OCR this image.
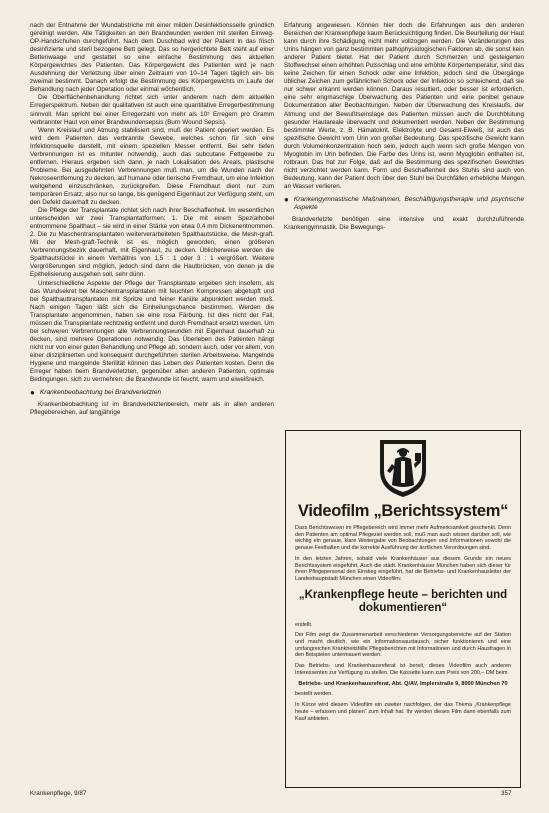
nach der Entnahme der Wundabstriche mit einer milden Desinfektionsseife gründlich gereinigt werden. Alle Tätigkeiten an den Brandwunden werden mit sterilen Einweg-OP-Handschuhen durchgeführt. Nach dem Duschbad wird der Patient in das frisch desinfizierte und steril bezogene Bett gelegt. Das so hergerichtete Bett steht auf einer Bettenwaage und gestattet so eine einfache Bestimmung des aktuellen Körpergewichtes des Patienten. Das Körpergewicht des Patienten wird je nach Ausdehnung der Verletzung über einen Zeitraum von 10–14 Tagen täglich ein- bis zweimal bestimmt. Danach erfolgt die Bestimmung des Körpergewichts im Laufe der Behandlung nach jeder Operation oder einmal wöchentlich.

Die Oberflächenbehandlung richtet sich unter anderem nach dem aktuellen Erregerspektrum. Neben der qualitativen ist auch eine quantitative Erregerbestimmung sinnvoll. Man spricht bei einer Erregerzahl von mehr als 10⁵ Erregern pro Gramm verbrannter Haut von einer Brandwundensepsis (Burn Wound Sepsis).

Wenn Kreislauf und Atmung stabilisiert sind, muß der Patient operiert werden. Es wird dem Patienten das verbrannte Gewebe, welches schon für sich eine Infektionsquelle darstellt, mit einem speziellen Messer entfernt. Bei sehr tiefen Verbrennungen ist es mitunter notwendig, auch das subcutane Fettgewebe zu entfernen. Hieraus ergeben sich dann, je nach Lokalisation des Areals, plastische Probleme. Bei ausgedehnten Verbrennungen muß man, um die Wunden nach der Nekroseentfernung zu decken, auf humane oder tierische Fremdhaut, um eine Infektion weitgehend einzuschränken, zurückgreifen. Diese Fremdhaut dient nur zum temporären Ersatz, also nur so lange, bis genügend Eigenhaut zur Verfügung steht, um den Defekt dauerhaft zu decken.

Die Pflege der Transplantate richtet sich nach ihrer Beschaffenheit. Im wesentlichen unterscheiden wir zwei Transplantatformen: 1. Die mit einem Spezialhobel entnommene Spalthaut – sie wird in einer Stärke von etwa 0,4 mm Dickenentnommen. 2. Die zu Maschentransplantaten weiterverarbeiteten Spalthautstücke, die Mesh-graft. Mit der Mesh-graft-Technik ist es möglich geworden, einen größeren Verbrennungsbezirk dauerhaft, mit Eigenhaut, zu decken. Üblicherweise werden die Spalthautstücke in einem Verhältnis von 1,5 : 1 oder 3 : 1 vergrößert. Weitere Vergrößerungen sind möglich, jedoch sind dann die Hautbrücken, von denen ja die Epithelisierung ausgehen soll, sehr dünn.

Unterschiedliche Aspekte der Pflege der Transplantate ergeben sich insofern, als das Wundsekret bei Maschentransplantaten mit feuchten Kompressen abgetupft und bei Spalthauttransplantaten mit Spritze und feiner Kanüle abpunktiert werden muß. Nach einigen Tagen läßt sich die Einheilungschance bestimmen. Werden die Transplantate angenommen, haben sie eine rosa Färbung. Ist dies nicht der Fall, müssen die Transplantate rechtzeitig entfernt und durch Fremdhaut ersetzt werden. Um bei schweren Verbrennungen alle Verbrennungswunden mit Eigenhaut dauerhaft zu decken, sind mehrere Operationen notwendig. Das Überleben des Patienten hängt nicht nur von einer guten Behandlung und Pflege ab, sondern auch, oder vor allem, von einer disziplinierten und konsequent durchgeführten sterilen Arbeitsweise. Mangelnde Hygiene und mangelnde Sterilität können das Leben des Patienten kosten. Denn die Erreger haben beim Brandverletzten, gegenüber allen anderen Patienten, optimale Bedingungen, sich zu vermehren: die Brandwunde ist feucht, warm und eiweißreich.

● Krankenbeobachtung bei Brandverletzten

Krankenbeobachtung ist im Brandverletztenbereich, mehr als in allen anderen Pflegebereichen, auf langjährige

Erfahrung angewiesen. Können hier doch die Erfahrungen aus den anderen Bereichen der Krankenpflege kaum Berücksichtigung finden. Die Beurteilung der Haut kann durch ihre Schädigung nicht mehr vollzogen werden. Die Veränderungen des Urins hängen von ganz bestimmten pathophysiologischen Faktoren ab, die sonst kein anderer Patient bietet. Hat der Patient durch Schmerzen und gesteigerten Stoffwechsel einen erhöhten Pulsschlag und eine erhöhte Körpertemperatur, sind das keine Zeichen für einen Schock oder eine Infektion, jedoch sind die Übergänge üblicher Zeichen zum gefährlichen Schock oder der Infektion so schleichend, daß sie nur schwer erkannt werden können. Daraus resultiert, oder besser ist erforderlich, eine sehr engmaschige Überwachung des Patienten und eine penibel genaue Dokumentation aller Beobachtungen. Neben der Überwachung des Kreislaufs, der Atmung und der Bewußtseinslage des Patienten müssen auch die Durchblutung gesunder Hautareale überwacht und dokumentiert werden. Neben der Bestimmung bestimmter Werte, z. B. Hämatokrit, Elektrolyte und Gesamt-Eiweiß, ist auch das spezifische Gewicht vom Urin von großer Bedeutung. Das spezifische Gewicht kann durch Volumenkonzentration hoch sein, jedoch auch wenn sich große Mengen von Myoglobin im Urin befinden. Die Farbe des Urins ist, wenn Myoglobin enthalten ist, rotbraun. Das hat zur Folge, daß auf die Bestimmung des spezifischen Gewichtes nicht verzichtet werden kann. Form und Beschaffenheit des Stuhls sind auch von Bedeutung, kann der Patient doch über den Stuhl bei Durchfällen erhebliche Mengen an Wasser verlieren.

● Krankengymnastische Maßnahmen, Beschäftigungstherapie und psychische Aspekte

Brandverletzte benötigen eine intensive und exakt durchzuführende Krankengymnastik. Die Bewegungs-

Videofilm „Berichtssystem“

Dass Berichtswesen im Pflegebereich wird immer mehr Aufmerksamkeit geschenkt. Denn den Patienten am optimal Pflegeziel werden soll, muß man auch wissen darüber soll, wie wichtig ein genaue, klare Weitergabe von Beobachtungen und Informationen sowohl die genaue Festhalten und die korrekte Ausführung der ärztlichen Verordnungen sind.

In den letzten Jahren, sobald viele Krankenhäuser aus diesem Grunde ein neues Berichtssystem eingeführt. Auch die städt. Krankenhäuser München haben sich dieser für ihren Pflegepersonal den Einstieg eingeführt, hat die Betriebs- und Krankenhausleiter der Landeshauptstadt München einen Videofilm:

„Krankenpflege heute – berichten und dokumentieren“

erstellt.

Der Film zeigt die Zusammenarbeit verschiedener Versorgungsbereiche auf der Station und macht deutlich, wie ein Informationsaustausch, sicher funktionieren und eine umfangreichen Krankheitsfälle Pflegeberichten mit Informationen und durch Hausfragen in den Beispielen untermauert werden.

Das Betriebs- und Krankenhausreferat ist bereit, dieses Videofilm auch anderen Interessenten zur Verfügung zu stellen. Die Kassette kann zum Preis von 200,– DM beim

Betriebs- und Krankenhausreferat, Abt. Q/AV, Implerstraße 9, 8000 München 70

bestellt werden.

In Kürze wird diesem Videofilm ein zweiter nachfolgen, der das Thema „Krankenpflege heute – erfassen und planen“ zum Inhalt hat. Ihr werden dieses Film dann ebenfalls zum Kauf anbieten.

Krankenpflege, 9/87	357
